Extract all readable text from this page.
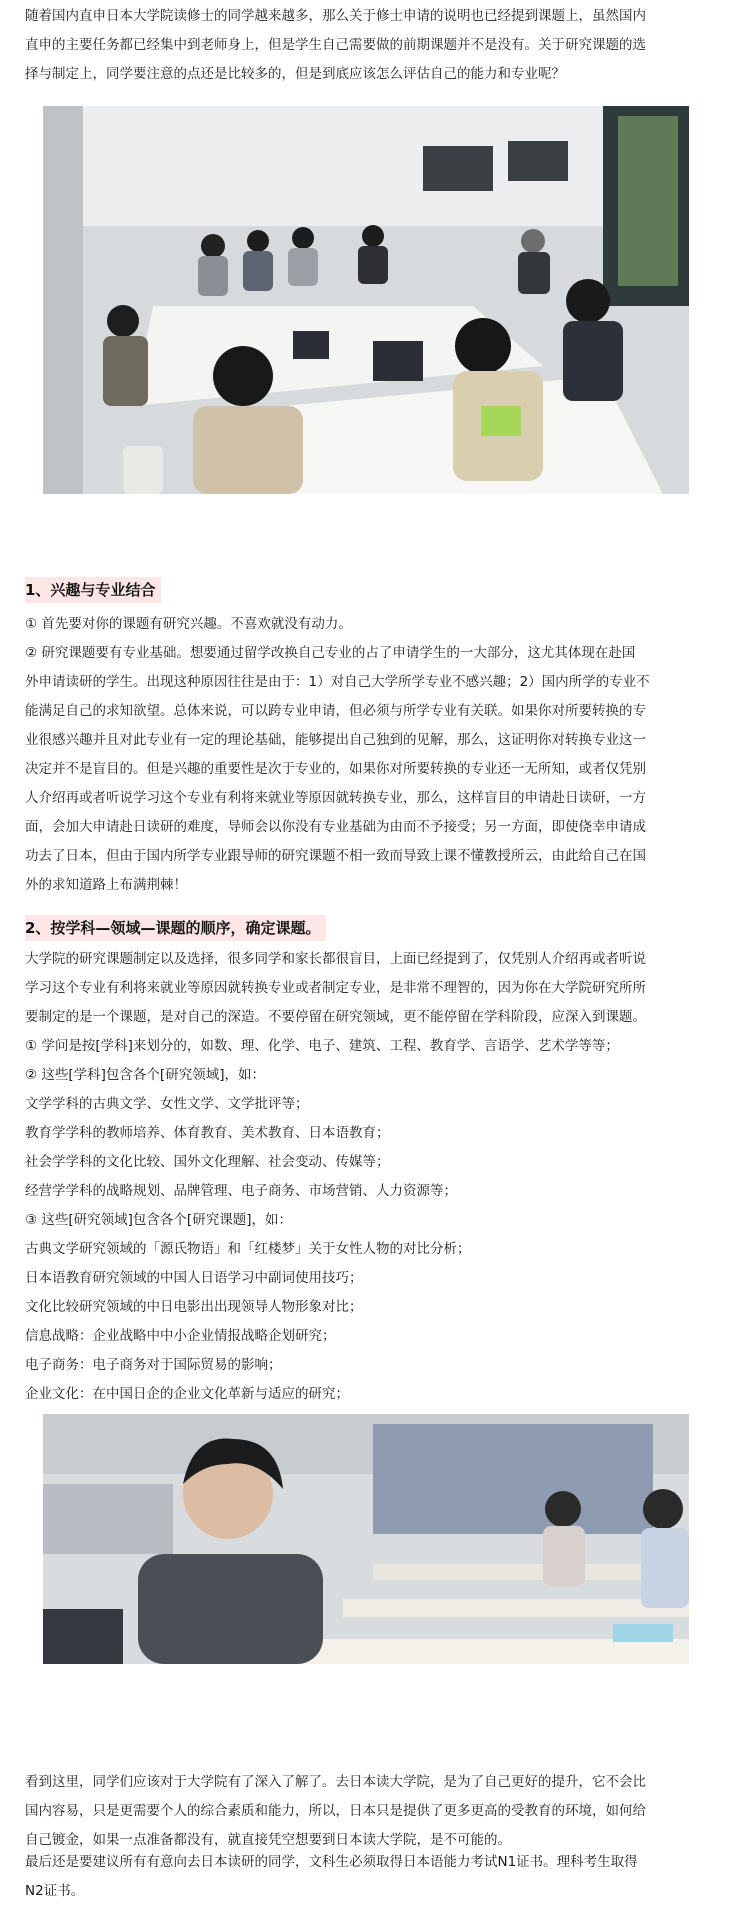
随着国内直申日本大学院读修士的同学越来越多，那么关于修士申请的说明也已经提到课题上，虽然国内
直申的主要任务都已经集中到老师身上，但是学生自己需要做的前期课题并不是没有。关于研究课题的选
择与制定上，同学要注意的点还是比较多的，但是到底应该怎么评估自己的能力和专业呢？
1、兴趣与专业结合
① 首先要对你的课题有研究兴趣。不喜欢就没有动力。
② 研究课题要有专业基础。想要通过留学改换自己专业的占了申请学生的一大部分，这尤其体现在赴国
外申请读研的学生。出现这种原因往往是由于：1）对自己大学所学专业不感兴趣；2）国内所学的专业不
能满足自己的求知欲望。总体来说，可以跨专业申请，但必须与所学专业有关联。如果你对所要转换的专
业很感兴趣并且对此专业有一定的理论基础，能够提出自己独到的见解，那么，这证明你对转换专业这一
决定并不是盲目的。但是兴趣的重要性是次于专业的，如果你对所要转换的专业还一无所知，或者仅凭别
人介绍再或者听说学习这个专业有利将来就业等原因就转换专业，那么，这样盲目的申请赴日读研，一方
面，会加大申请赴日读研的难度，导师会以你没有专业基础为由而不予接受；另一方面，即使侥幸申请成
功去了日本，但由于国内所学专业跟导师的研究课题不相一致而导致上课不懂教授所云，由此给自己在国
外的求知道路上布满荆棘！
2、按学科—领域—课题的顺序，确定课题。
大学院的研究课题制定以及选择，很多同学和家长都很盲目，上面已经提到了，仅凭别人介绍再或者听说
学习这个专业有利将来就业等原因就转换专业或者制定专业，是非常不理智的，因为你在大学院研究所所
要制定的是一个课题，是对自己的深造。不要停留在研究领域，更不能停留在学科阶段，应深入到课题。
① 学问是按[学科]来划分的，如数、理、化学、电子、建筑、工程、教育学、言语学、艺术学等等；
② 这些[学科]包含各个[研究领域]，如：
文学学科的古典文学、女性文学、文学批评等；
教育学学科的教师培养、体育教育、美术教育、日本语教育；
社会学学科的文化比较、国外文化理解、社会变动、传媒等；
经营学学科的战略规划、品牌管理、电子商务、市场营销、人力资源等；
③ 这些[研究领域]包含各个[研究课题]，如：
古典文学研究领域的「源氏物语」和「红楼梦」关于女性人物的对比分析；
日本语教育研究领域的中国人日语学习中副词使用技巧；
文化比较研究领域的中日电影出出现领导人物形象对比；
信息战略：企业战略中中小企业情报战略企划研究；
电子商务：电子商务对于国际贸易的影响；
企业文化：在中国日企的企业文化革新与适应的研究；
看到这里，同学们应该对于大学院有了深入了解了。去日本读大学院，是为了自己更好的提升，它不会比
国内容易，只是更需要个人的综合素质和能力，所以，日本只是提供了更多更高的受教育的环境，如何给
自己镀金，如果一点准备都没有，就直接凭空想要到日本读大学院，是不可能的。
最后还是要建议所有有意向去日本读研的同学，文科生必须取得日本语能力考试N1证书。理科考生取得
N2证书。
